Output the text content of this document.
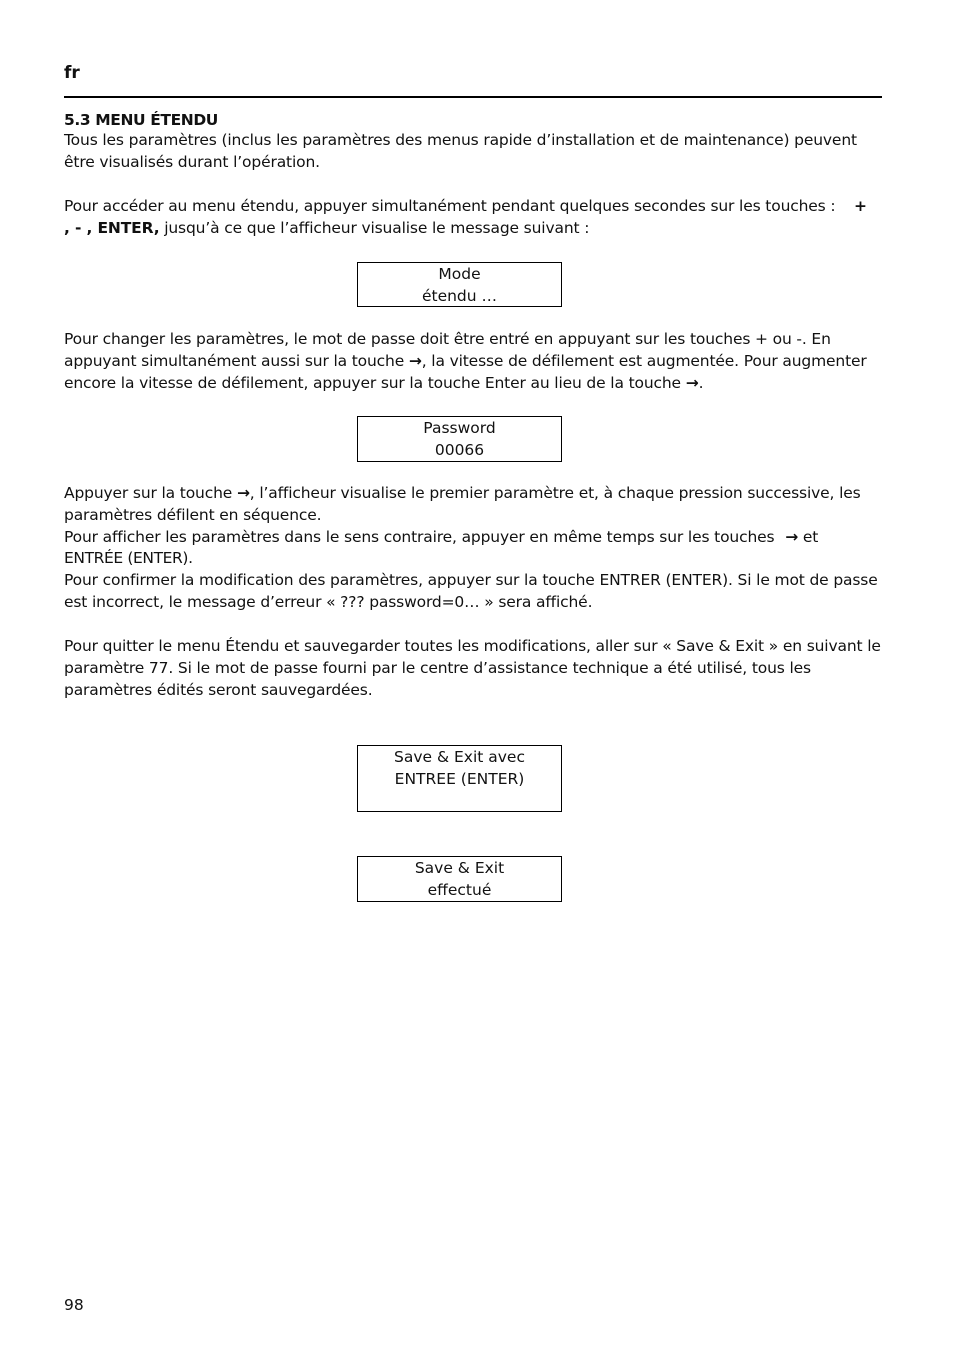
fr
5.3 MENU ÉTENDU

Tous les paramètres (inclus les paramètres des menus rapide d’installation et de maintenance) peuvent être visualisés durant l’opération.

Pour accéder au menu étendu, appuyer simultanément pendant quelques secondes sur les touches : +

, - , ENTER, jusqu’à ce que l’afficheur visualise le message suivant :

Mode
étendu …

Pour changer les paramètres, le mot de passe doit être entré en appuyant sur les touches + ou -. En appuyant simultanément aussi sur la touche →, la vitesse de défilement est augmentée. Pour augmenter encore la vitesse de défilement, appuyer sur la touche Enter au lieu de la touche →.

Password
00066

Appuyer sur la touche →, l’afficheur visualise le premier paramètre et, à chaque pression successive, les paramètres défilent en séquence.
Pour afficher les paramètres dans le sens contraire, appuyer en même temps sur les touches → et
ENTRÉE (ENTER).
Pour confirmer la modification des paramètres, appuyer sur la touche ENTRER (ENTER). Si le mot de passe est incorrect, le message d’erreur « ??? password=0… » sera affiché.

Pour quitter le menu Étendu et sauvegarder toutes les modifications, aller sur « Save & Exit » en suivant le paramètre 77. Si le mot de passe fourni par le centre d’assistance technique a été utilisé, tous les paramètres édités seront sauvegardées.

Save & Exit avec
ENTREE (ENTER)
Save & Exit
effectué
98
